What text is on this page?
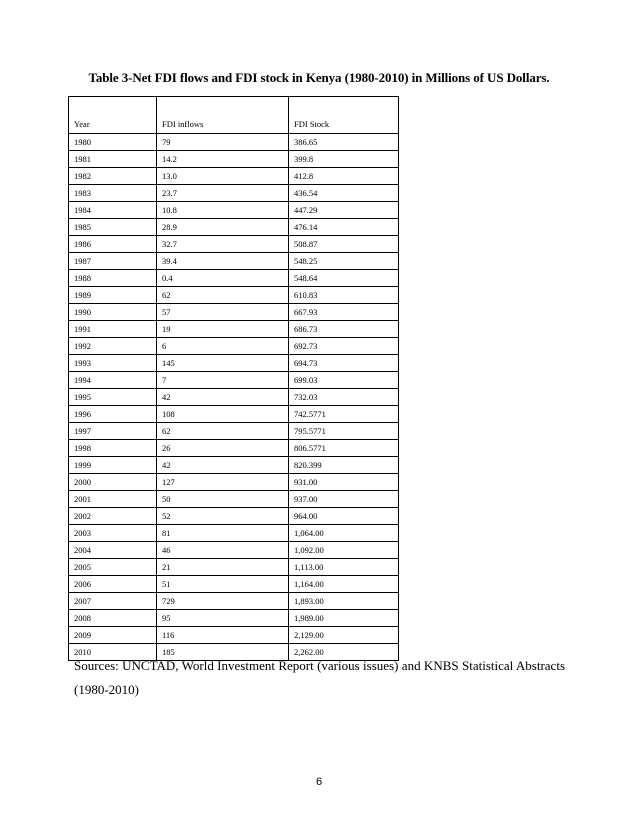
Table 3-Net FDI flows and FDI stock in Kenya (1980-2010) in Millions of US Dollars.

Year	FDI inflows	FDI Stock
1980	79	386.65
1981	14.2	399.8
1982	13.0	412.8
1983	23.7	436.54
1984	10.8	447.29
1985	28.9	476.14
1986	32.7	508.87
1987	39.4	548.25
1988	0.4	548.64
1989	62	610.83
1990	57	667.93
1991	19	686.73
1992	6	692.73
1993	145	694.73
1994	7	699.03
1995	42	732.03
1996	108	742.5771
1997	62	795.5771
1998	26	806.5771
1999	42	820.399
2000	127	931.00
2001	50	937.00
2002	52	964.00
2003	81	1,064.00
2004	46	1,092.00
2005	21	1,113.00
2006	51	1,164.00
2007	729	1,893.00
2008	95	1,989.00
2009	116	2,129.00
2010	185	2,262.00
Sources: UNCTAD, World Investment Report (various issues) and KNBS Statistical Abstracts (1980-2010)
6
